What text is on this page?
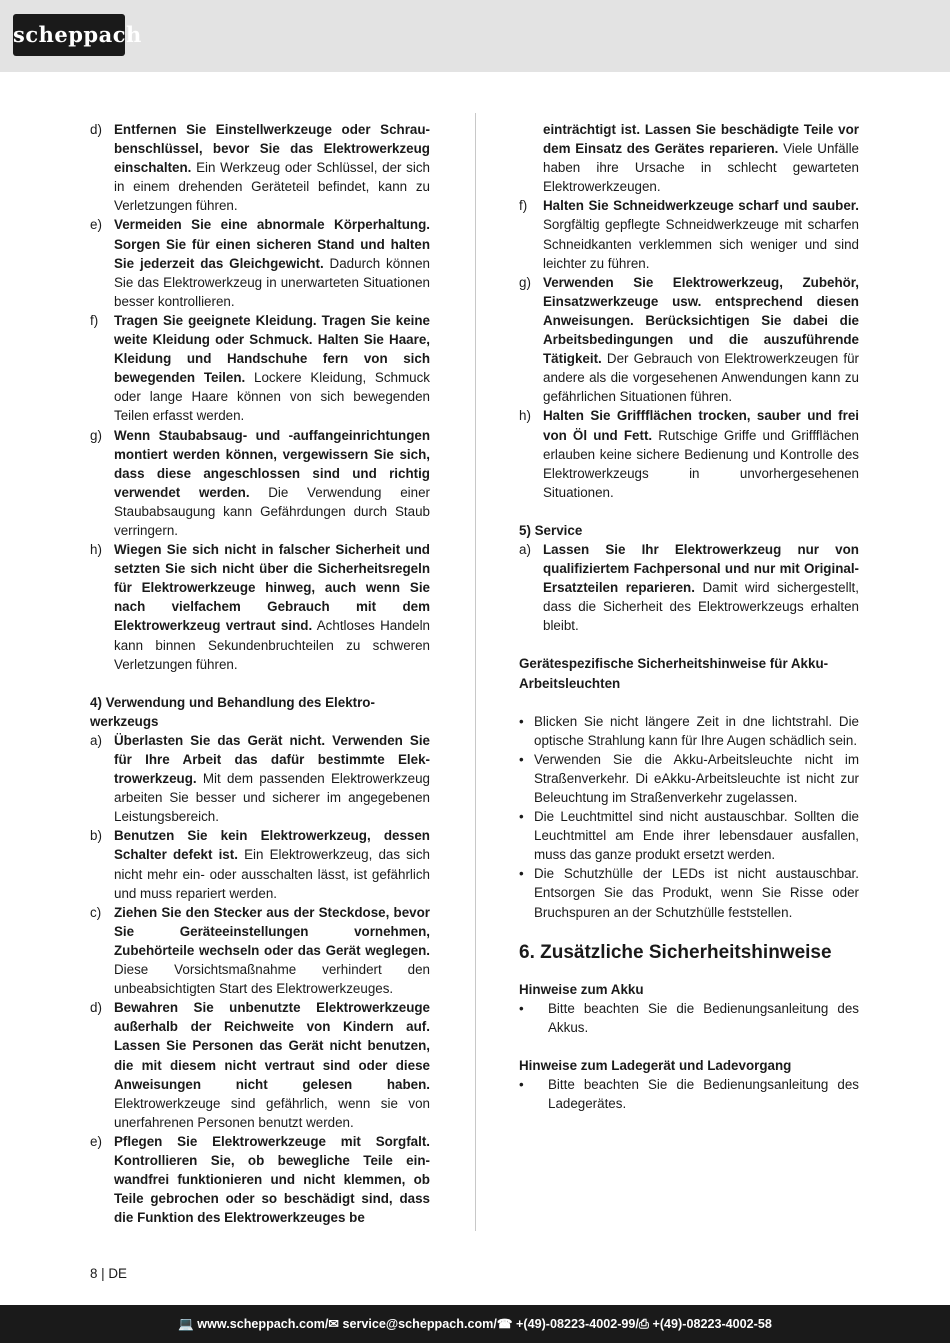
scheppach
d) Entfernen Sie Einstellwerkzeuge oder Schraubenschlüssel, bevor Sie das Elektrowerkzeug einschalten. Ein Werkzeug oder Schlüssel, der sich in einem drehenden Geräteteil befindet, kann zu Verletzungen führen.
e) Vermeiden Sie eine abnormale Körperhaltung. Sorgen Sie für einen sicheren Stand und halten Sie jederzeit das Gleichgewicht. Dadurch können Sie das Elektrowerkzeug in unerwarteten Situationen besser kontrollieren.
f) Tragen Sie geeignete Kleidung. Tragen Sie keine weite Kleidung oder Schmuck. Halten Sie Haare, Kleidung und Handschuhe fern von sich bewegenden Teilen. Lockere Kleidung, Schmuck oder lange Haare können von sich bewegenden Teilen erfasst werden.
g) Wenn Staubabsaug- und -auffangeinrichtungen montiert werden können, vergewissern Sie sich, dass diese angeschlossen sind und richtig verwendet werden. Die Verwendung einer Staubabsaugung kann Gefährdungen durch Staub verringern.
h) Wiegen Sie sich nicht in falscher Sicherheit und setzten Sie sich nicht über die Sicherheitsregeln für Elektrowerkzeuge hinweg, auch wenn Sie nach vielfachem Gebrauch mit dem Elektrowerkzeug vertraut sind. Achtloses Handeln kann binnen Sekundenbruchteilen zu schweren Verletzungen führen.
4) Verwendung und Behandlung des Elektrowerkzeugs
a) Überlasten Sie das Gerät nicht. Verwenden Sie für Ihre Arbeit das dafür bestimmte Elektrowerkzeug. Mit dem passenden Elektrowerkzeug arbeiten Sie besser und sicherer im angegebenen Leistungsbereich.
b) Benutzen Sie kein Elektrowerkzeug, dessen Schalter defekt ist. Ein Elektrowerkzeug, das sich nicht mehr ein- oder ausschalten lässt, ist gefährlich und muss repariert werden.
c) Ziehen Sie den Stecker aus der Steckdose, bevor Sie Geräteeinstellungen vornehmen, Zubehörteile wechseln oder das Gerät weglegen. Diese Vorsichtsmaßnahme verhindert den unbeabsichtigten Start des Elektrowerkzeuges.
d) Bewahren Sie unbenutzte Elektrowerkzeuge außerhalb der Reichweite von Kindern auf. Lassen Sie Personen das Gerät nicht benutzen, die mit diesem nicht vertraut sind oder diese Anweisungen nicht gelesen haben. Elektrowerkzeuge sind gefährlich, wenn sie von unerfahrenen Personen benutzt werden.
e) Pflegen Sie Elektrowerkzeuge mit Sorgfalt. Kontrollieren Sie, ob bewegliche Teile einwandfrei funktionieren und nicht klemmen, ob Teile gebrochen oder so beschädigt sind, dass die Funktion des Elektrowerkzeuges be
einträchtigt ist. Lassen Sie beschädigte Teile vor dem Einsatz des Gerätes reparieren. Viele Unfälle haben ihre Ursache in schlecht gewarteten Elektrowerkzeugen.
f) Halten Sie Schneidwerkzeuge scharf und sauber. Sorgfältig gepflegte Schneidwerkzeuge mit scharfen Schneidkanten verklemmen sich weniger und sind leichter zu führen.
g) Verwenden Sie Elektrowerkzeug, Zubehör, Einsatzwerkzeuge usw. entsprechend diesen Anweisungen. Berücksichtigen Sie dabei die Arbeitsbedingungen und die auszuführende Tätigkeit. Der Gebrauch von Elektrowerkzeugen für andere als die vorgesehenen Anwendungen kann zu gefährlichen Situationen führen.
h) Halten Sie Griffflächen trocken, sauber und frei von Öl und Fett. Rutschige Griffe und Griffflächen erlauben keine sichere Bedienung und Kontrolle des Elektrowerkzeugs in unvorhergesehenen Situationen.
5) Service
a) Lassen Sie Ihr Elektrowerkzeug nur von qualifiziertem Fachpersonal und nur mit Original-Ersatzteilen reparieren. Damit wird sichergestellt, dass die Sicherheit des Elektrowerkzeugs erhalten bleibt.
Gerätespezifische Sicherheitshinweise für Akku-Arbeitsleuchten
• Blicken Sie nicht längere Zeit in dne lichtstrahl. Die optische Strahlung kann für Ihre Augen schädlich sein.
• Verwenden Sie die Akku-Arbeitsleuchte nicht im Straßenverkehr. Di eAkku-Arbeitsleuchte ist nicht zur Beleuchtung im Straßenverkehr zugelassen.
• Die Leuchtmittel sind nicht austauschbar. Sollten die Leuchtmittel am Ende ihrer lebensdauer ausfallen, muss das ganze produkt ersetzt werden.
• Die Schutzhülle der LEDs ist nicht austauschbar. Entsorgen Sie das Produkt, wenn Sie Risse oder Bruchspuren an der Schutzhülle feststellen.
6. Zusätzliche Sicherheitshinweise
Hinweise zum Akku
• Bitte beachten Sie die Bedienungsanleitung des Akkus.
Hinweise zum Ladegerät und Ladevorgang
• Bitte beachten Sie die Bedienungsanleitung des Ladegerätes.
8 | DE
💻 www.scheppach.com/✉ service@scheppach.com/☎ +(49)-08223-4002-99/⎙ +(49)-08223-4002-58
